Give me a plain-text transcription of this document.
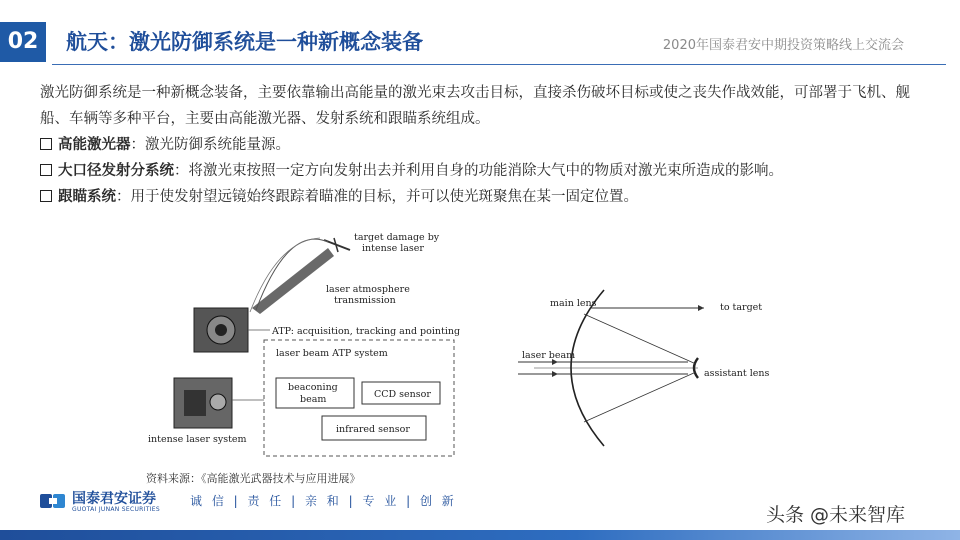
02	航天：激光防御系统是一种新概念装备	2020年国泰君安中期投资策略线上交流会

激光防御系统是一种新概念装备，主要依靠输出高能量的激光束去攻击目标，直接杀伤破坏目标或使之丧失作战效能，可部署于飞机、舰船、车辆等多种平台，主要由高能激光器、发射系统和跟瞄系统组成。

高能激光器：激光防御系统能量源。

大口径发射分系统：将激光束按照一定方向发射出去并利用自身的功能消除大气中的物质对激光束所造成的影响。

跟瞄系统：用于使发射望远镜始终跟踪着瞄准的目标，并可以使光斑聚焦在某一固定位置。

target damage by
intense laser
laser atmosphere
transmission
ATP: acquisition, tracking and pointing
laser beam ATP system
beaconing
beam	CCD sensor
infrared sensor
intense laser system
main lens	to target
laser beam
assistant lens
资料来源：《高能激光武器技术与应用进展》
国泰君安证券
GUOTAI JUNAN SECURITIES
诚 信 | 责 任 | 亲 和 | 专 业 | 创 新
头条 @未来智库
